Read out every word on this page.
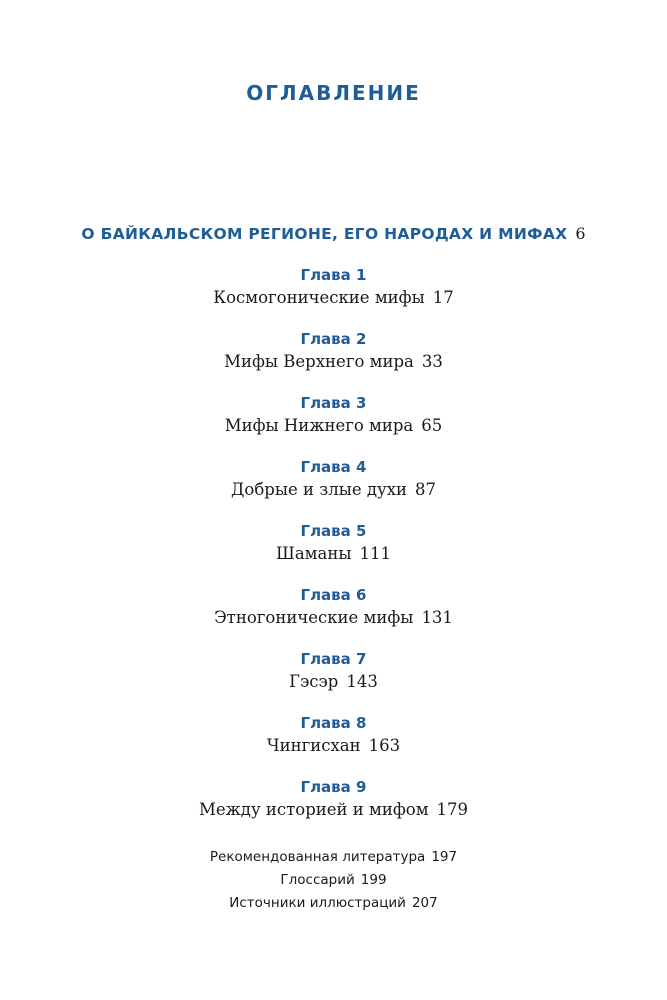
ОГЛАВЛЕНИЕ
О БАЙКАЛЬСКОМ РЕГИОНЕ, ЕГО НАРОДАХ И МИФАХ 6
Глава 1
Космогонические мифы 17
Глава 2
Мифы Верхнего мира 33
Глава 3
Мифы Нижнего мира 65
Глава 4
Добрые и злые духи 87
Глава 5
Шаманы 111
Глава 6
Этногонические мифы 131
Глава 7
Гэсэр 143
Глава 8
Чингисхан 163
Глава 9
Между историей и мифом 179
Рекомендованная литература 197
Глоссарий 199
Источники иллюстраций 207
